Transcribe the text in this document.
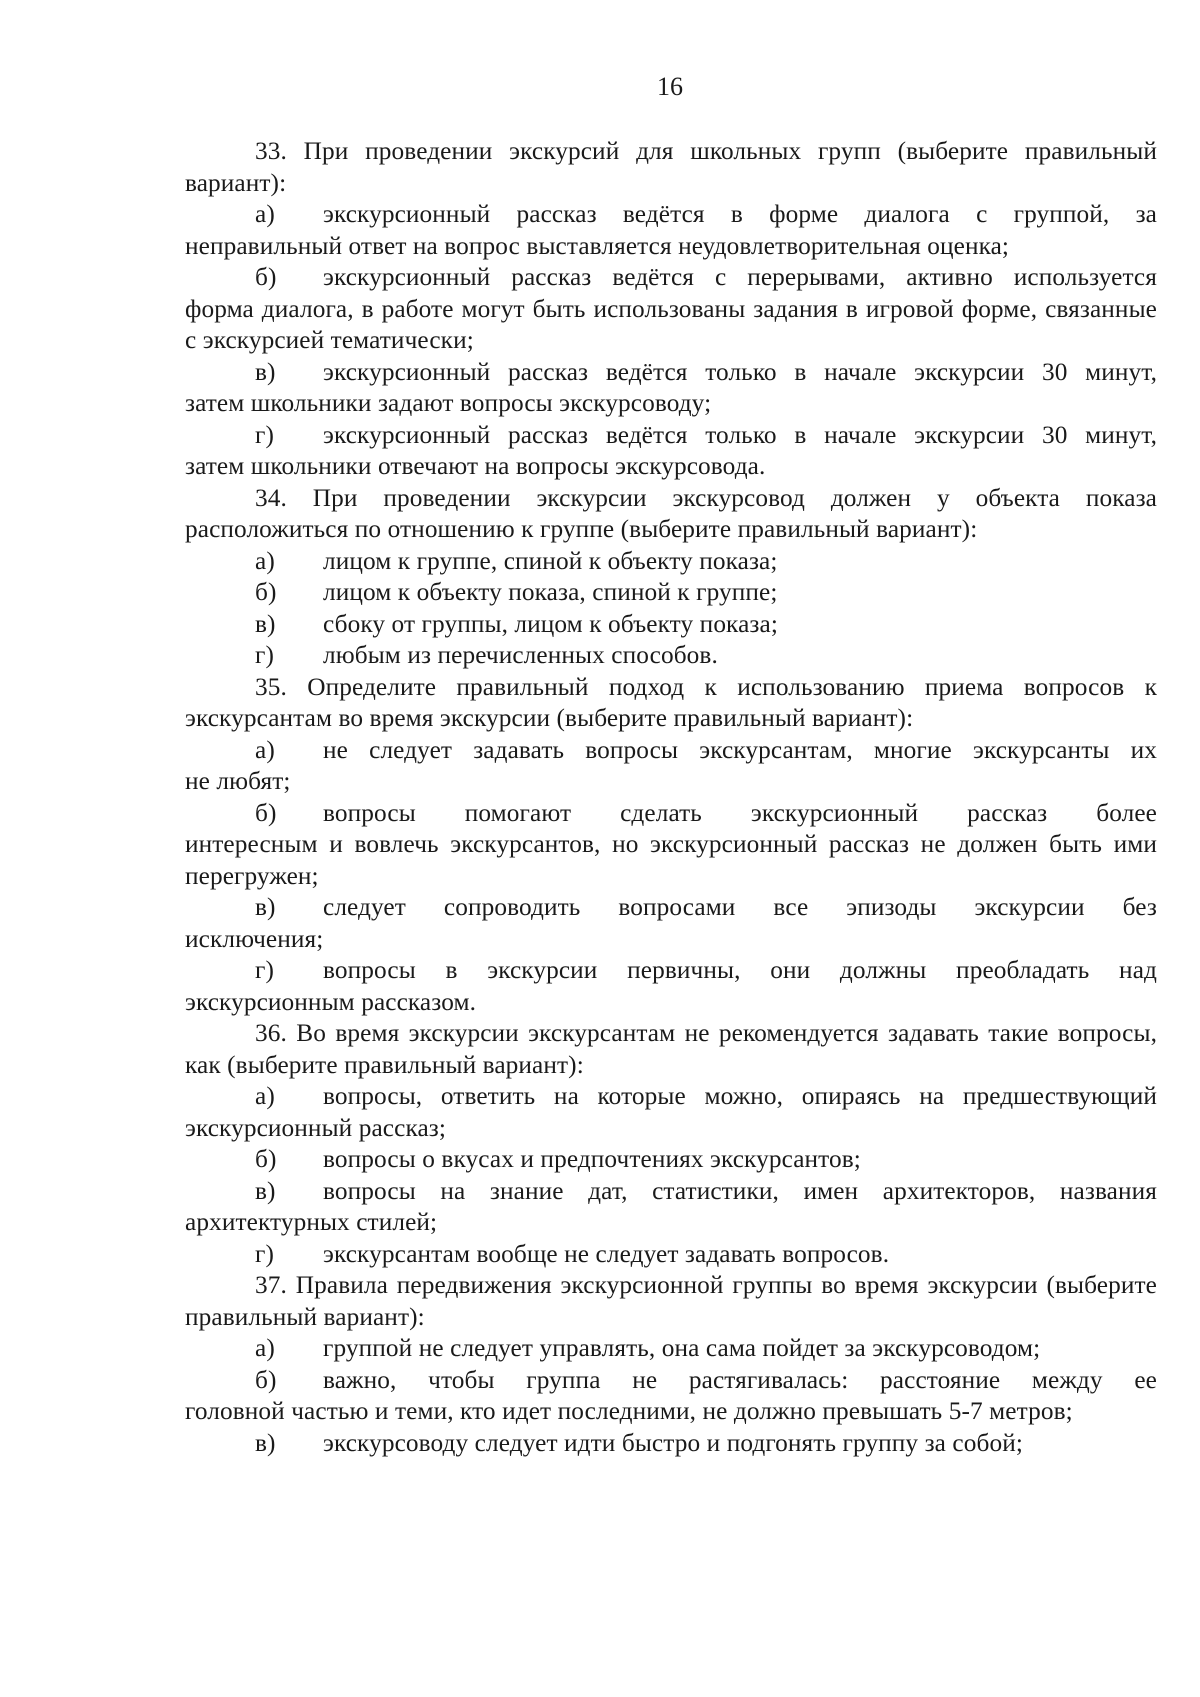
16

33. При проведении экскурсий для школьных групп (выберите правильный вариант):

а)	экскурсионный рассказ ведётся в форме диалога с группой, за
неправильный ответ на вопрос выставляется неудовлетворительная оценка;
б)	экскурсионный рассказ ведётся с перерывами, активно используется
форма диалога, в работе могут быть использованы задания в игровой форме, связанные с экскурсией тематически;
в)	экскурсионный рассказ ведётся только в начале экскурсии 30 минут,
затем школьники задают вопросы экскурсоводу;
г)	экскурсионный рассказ ведётся только в начале экскурсии 30 минут,
затем школьники отвечают на вопросы экскурсовода.

34. При проведении экскурсии экскурсовод должен у объекта показа расположиться по отношению к группе (выберите правильный вариант):

а)	лицом к группе, спиной к объекту показа;
б)	лицом к объекту показа, спиной к группе;
в)	сбоку от группы, лицом к объекту показа;
г)	любым из перечисленных способов.

35. Определите правильный подход к использованию приема вопросов к экскурсантам во время экскурсии (выберите правильный вариант):

а)	не следует задавать вопросы экскурсантам, многие экскурсанты их
не любят;
б)	вопросы помогают сделать экскурсионный рассказ более
интересным и вовлечь экскурсантов, но экскурсионный рассказ не должен быть ими перегружен;
в)	следует сопроводить вопросами все эпизоды экскурсии без
исключения;
г)	вопросы в экскурсии первичны, они должны преобладать над
экскурсионным рассказом.

36. Во время экскурсии экскурсантам не рекомендуется задавать такие вопросы, как (выберите правильный вариант):

а)	вопросы, ответить на которые можно, опираясь на предшествующий
экскурсионный рассказ;
б)	вопросы о вкусах и предпочтениях экскурсантов;
в)	вопросы на знание дат, статистики, имен архитекторов, названия
архитектурных стилей;
г)	экскурсантам вообще не следует задавать вопросов.

37. Правила передвижения экскурсионной группы во время экскурсии (выберите правильный вариант):

а)	группой не следует управлять, она сама пойдет за экскурсоводом;
б)	важно, чтобы группа не растягивалась: расстояние между ее
головной частью и теми, кто идет последними, не должно превышать 5-7 метров;
в)	экскурсоводу следует идти быстро и подгонять группу за собой;
